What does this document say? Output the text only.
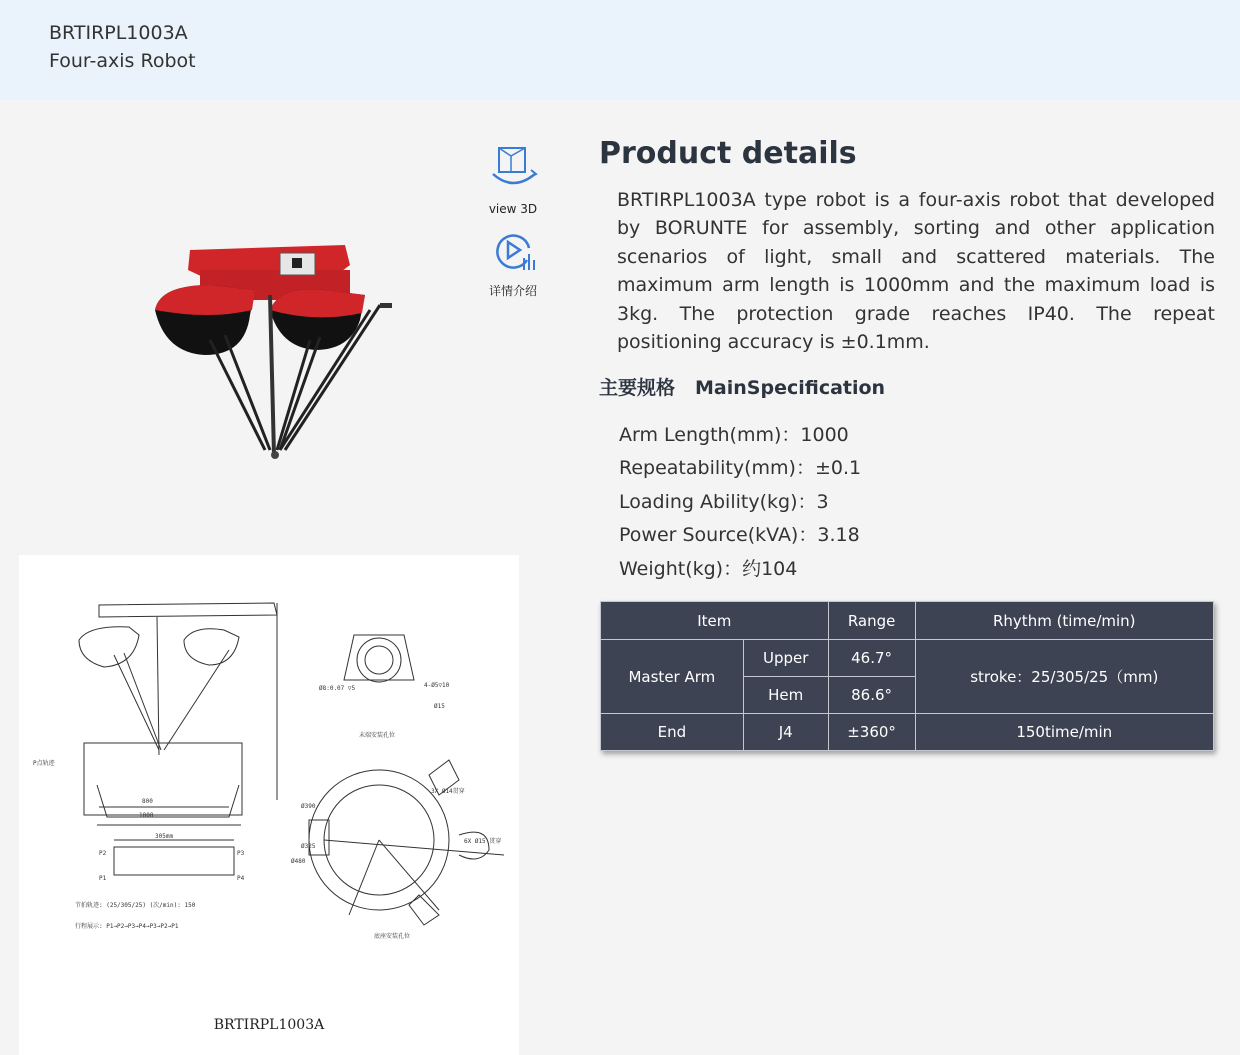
BRTIRPL1003A
Four-axis Robot
view 3D
详情介绍
P点轨迹
Ø8:0.07 ▽5	4-Ø5▽10
Ø15
末端安装孔位
3X Ø14贯穿
Ø390
Ø325
Ø480
6X Ø15 贯穿
底座安装孔位
800
1000
305mm
P2
P1
P3
P4
节拍轨迹: (25/305/25) (次/min): 150
行程展示: P1→P2→P3→P4→P3→P2→P1
BRTIRPL1003A
Product details

BRTIRPL1003A type robot is a four-axis robot that developed by BORUNTE for assembly, sorting and other application scenarios of light, small and scattered materials. The maximum arm length is 1000mm and the maximum load is 3kg. The protection grade reaches IP40. The repeat positioning accuracy is ±0.1mm.

主要规格 MainSpecification
Arm Length(mm)：1000
Repeatability(mm)：±0.1
Loading Ability(kg)：3
Power Source(kVA)：3.18
Weight(kg)：约104
Item		Range	Rhythm (time/min)
Master Arm	Upper	46.7°	stroke：25/305/25（mm)
	Hem	86.6°	
End	J4	±360°	150time/min
